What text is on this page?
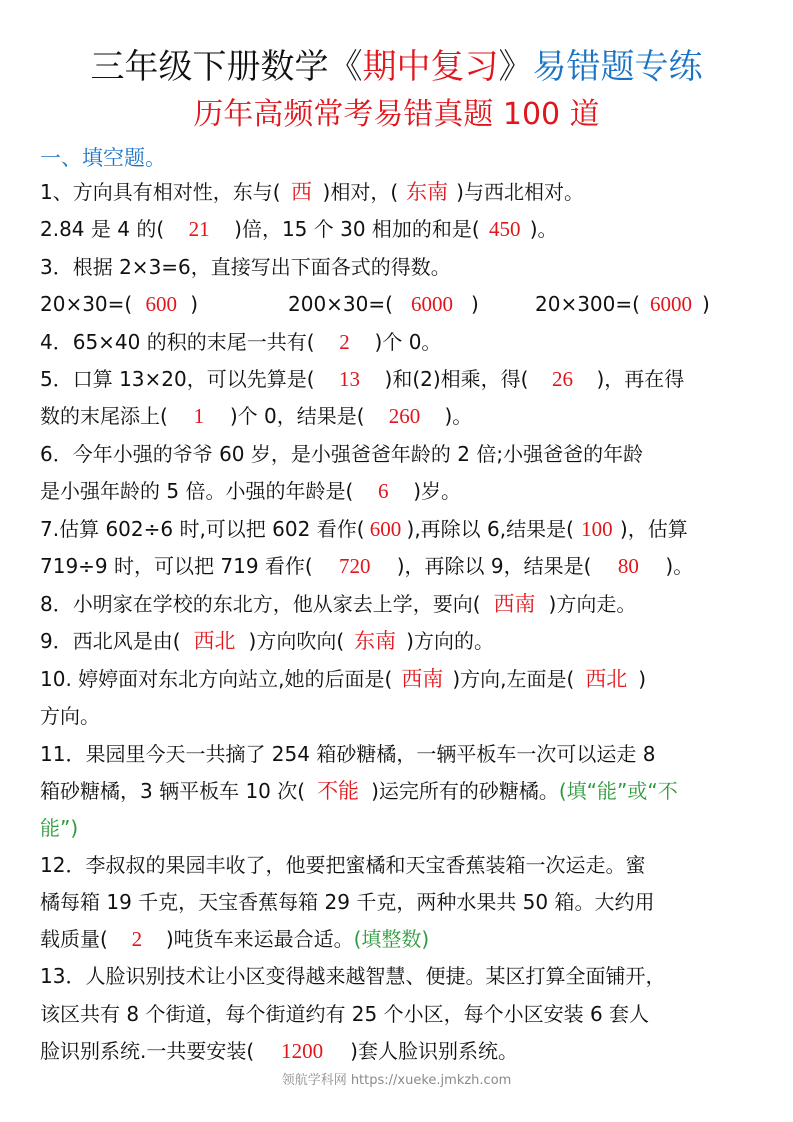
三年级下册数学《期中复习》易错题专练
历年高频常考易错真题 100 道
一、填空题。
1、方向具有相对性，东与( 西 )相对，( 东南 )与西北相对。
2.84 是 4 的( 21 )倍，15 个 30 相加的和是( 450 )。
3．根据 2×3=6，直接写出下面各式的得数。
20×30=( 600 )	200×30=( 6000 )	20×300=( 6000 )
4．65×40 的积的末尾一共有( 2 )个 0。
5．口算 13×20，可以先算是( 13 )和(2)相乘，得( 26 )，再在得
数的末尾添上( 1 )个 0，结果是( 260 )。
6．今年小强的爷爷 60 岁，是小强爸爸年龄的 2 倍;小强爸爸的年龄
是小强年龄的 5 倍。小强的年龄是( 6 )岁。
7.估算 602÷6 时,可以把 602 看作( 600 ),再除以 6,结果是( 100 )，估算
719÷9 时，可以把 719 看作( 720 )，再除以 9，结果是( 80 )。
8．小明家在学校的东北方，他从家去上学，要向( 西南 )方向走。
9．西北风是由( 西北 )方向吹向( 东南 )方向的。
10. 婷婷面对东北方向站立,她的后面是( 西南 )方向,左面是( 西北 )
方向。
11．果园里今天一共摘了 254 箱砂糖橘，一辆平板车一次可以运走 8
箱砂糖橘，3 辆平板车 10 次( 不能 )运完所有的砂糖橘。(填“能”或“不
能”)
12．李叔叔的果园丰收了，他要把蜜橘和天宝香蕉装箱一次运走。蜜
橘每箱 19 千克，天宝香蕉每箱 29 千克，两种水果共 50 箱。大约用
载质量( 2 )吨货车来运最合适。(填整数)
13．人脸识别技术让小区变得越来越智慧、便捷。某区打算全面铺开，
该区共有 8 个街道，每个街道约有 25 个小区，每个小区安装 6 套人
脸识别系统.一共要安装( 1200 )套人脸识别系统。
领航学科网 https://xueke.jmkzh.com
